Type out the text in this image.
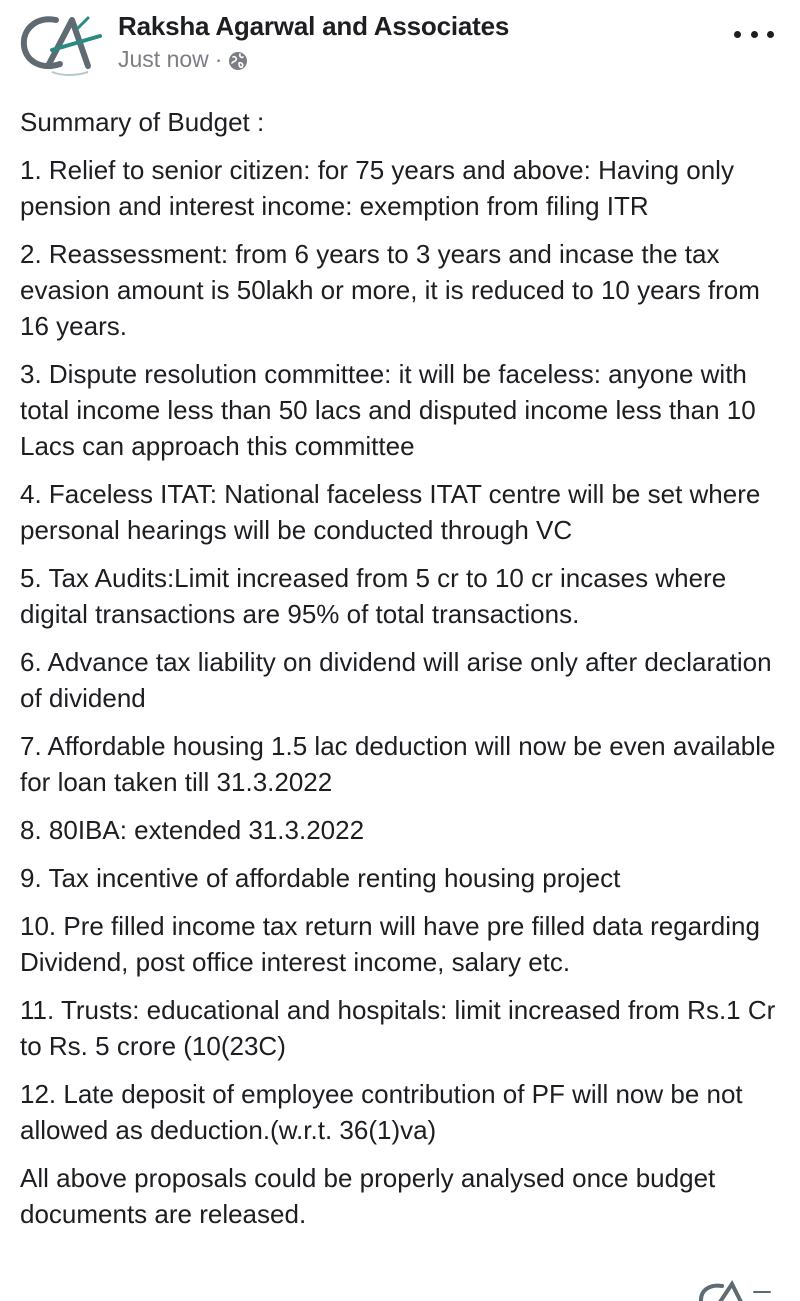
Raksha Agarwal and Associates
Just now ·

Summary of Budget :

1. Relief to senior citizen: for 75 years and above: Having only pension and interest income: exemption from filing ITR

2. Reassessment: from 6 years to 3 years and incase the tax evasion amount is 50lakh or more, it is reduced to 10 years from 16 years.

3. Dispute resolution committee: it will be faceless: anyone with total income less than 50 lacs and disputed income less than 10 Lacs can approach this committee

4. Faceless ITAT: National faceless ITAT centre will be set where personal hearings will be conducted through VC

5. Tax Audits:Limit increased from 5 cr to 10 cr incases where digital transactions are 95% of total transactions.

6. Advance tax liability on dividend will arise only after declaration of dividend

7. Affordable housing 1.5 lac deduction will now be even available for loan taken till 31.3.2022

8. 80IBA: extended 31.3.2022

9. Tax incentive of affordable renting housing project

10. Pre filled income tax return will have pre filled data regarding Dividend, post office interest income, salary etc.

11. Trusts: educational and hospitals: limit increased from Rs.1 Cr to Rs. 5 crore (10(23C)

12. Late deposit of employee contribution of PF will now be not allowed as deduction.(w.r.t. 36(1)va)

All above proposals could be properly analysed once budget documents are released.
